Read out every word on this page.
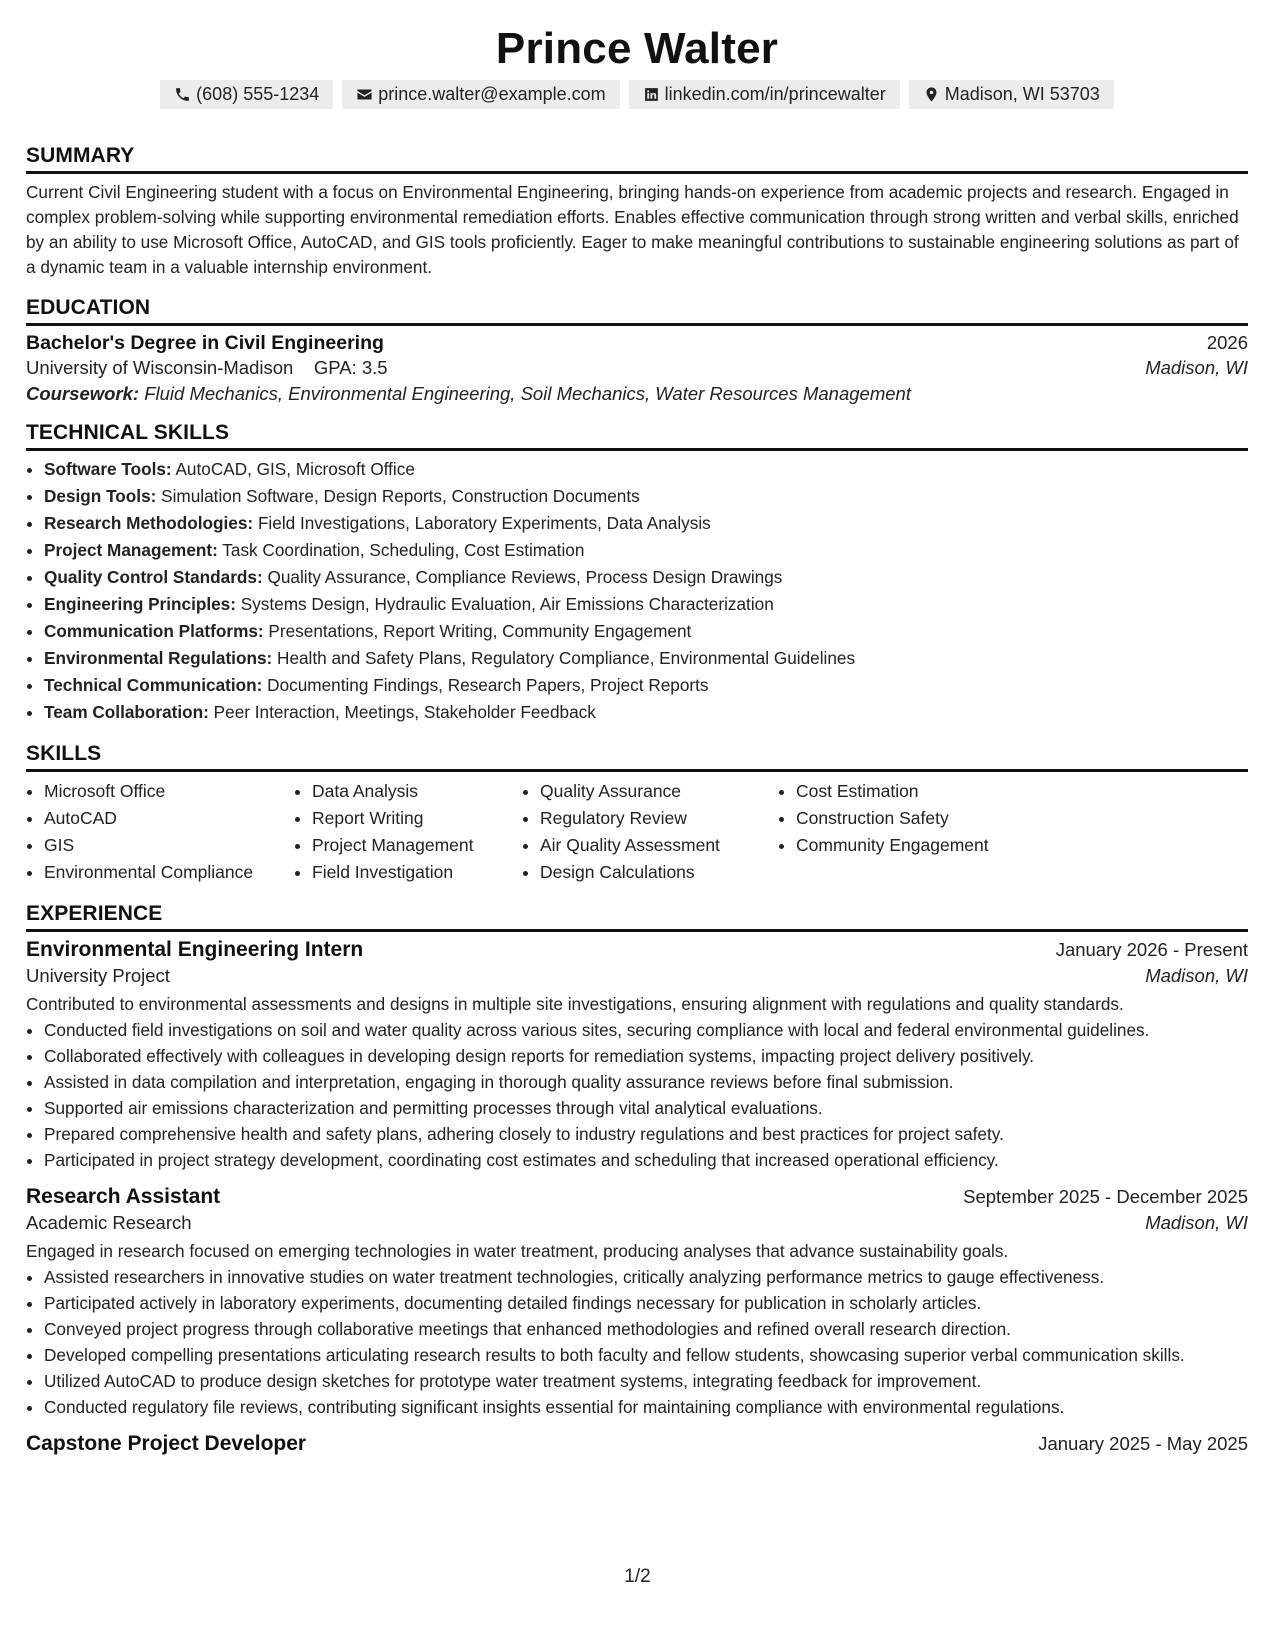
Prince Walter
(608) 555-1234	prince.walter@example.com	linkedin.com/in/princewalter	Madison, WI 53703
SUMMARY

Current Civil Engineering student with a focus on Environmental Engineering, bringing hands-on experience from academic projects and research. Engaged in complex problem-solving while supporting environmental remediation efforts. Enables effective communication through strong written and verbal skills, enriched by an ability to use Microsoft Office, AutoCAD, and GIS tools proficiently. Eager to make meaningful contributions to sustainable engineering solutions as part of a dynamic team in a valuable internship environment.

EDUCATION
Bachelor's Degree in Civil Engineering	2026
University of Wisconsin-Madison GPA: 3.5	Madison, WI
Coursework: Fluid Mechanics, Environmental Engineering, Soil Mechanics, Water Resources Management
TECHNICAL SKILLS
• Software Tools: AutoCAD, GIS, Microsoft Office
• Design Tools: Simulation Software, Design Reports, Construction Documents
• Research Methodologies: Field Investigations, Laboratory Experiments, Data Analysis
• Project Management: Task Coordination, Scheduling, Cost Estimation
• Quality Control Standards: Quality Assurance, Compliance Reviews, Process Design Drawings
• Engineering Principles: Systems Design, Hydraulic Evaluation, Air Emissions Characterization
• Communication Platforms: Presentations, Report Writing, Community Engagement
• Environmental Regulations: Health and Safety Plans, Regulatory Compliance, Environmental Guidelines
• Technical Communication: Documenting Findings, Research Papers, Project Reports
• Team Collaboration: Peer Interaction, Meetings, Stakeholder Feedback
SKILLS
• Microsoft Office
• AutoCAD
• GIS
• Environmental Compliance
• Data Analysis
• Report Writing
• Project Management
• Field Investigation
• Quality Assurance
• Regulatory Review
• Air Quality Assessment
• Design Calculations
• Cost Estimation
• Construction Safety
• Community Engagement
EXPERIENCE
Environmental Engineering Intern	January 2026 - Present
University Project	Madison, WI
Contributed to environmental assessments and designs in multiple site investigations, ensuring alignment with regulations and quality standards.
• Conducted field investigations on soil and water quality across various sites, securing compliance with local and federal environmental guidelines.
• Collaborated effectively with colleagues in developing design reports for remediation systems, impacting project delivery positively.
• Assisted in data compilation and interpretation, engaging in thorough quality assurance reviews before final submission.
• Supported air emissions characterization and permitting processes through vital analytical evaluations.
• Prepared comprehensive health and safety plans, adhering closely to industry regulations and best practices for project safety.
• Participated in project strategy development, coordinating cost estimates and scheduling that increased operational efficiency.
Research Assistant	September 2025 - December 2025
Academic Research	Madison, WI
Engaged in research focused on emerging technologies in water treatment, producing analyses that advance sustainability goals.
• Assisted researchers in innovative studies on water treatment technologies, critically analyzing performance metrics to gauge effectiveness.
• Participated actively in laboratory experiments, documenting detailed findings necessary for publication in scholarly articles.
• Conveyed project progress through collaborative meetings that enhanced methodologies and refined overall research direction.
• Developed compelling presentations articulating research results to both faculty and fellow students, showcasing superior verbal communication skills.
• Utilized AutoCAD to produce design sketches for prototype water treatment systems, integrating feedback for improvement.
• Conducted regulatory file reviews, contributing significant insights essential for maintaining compliance with environmental regulations.
Capstone Project Developer	January 2025 - May 2025
1/2
